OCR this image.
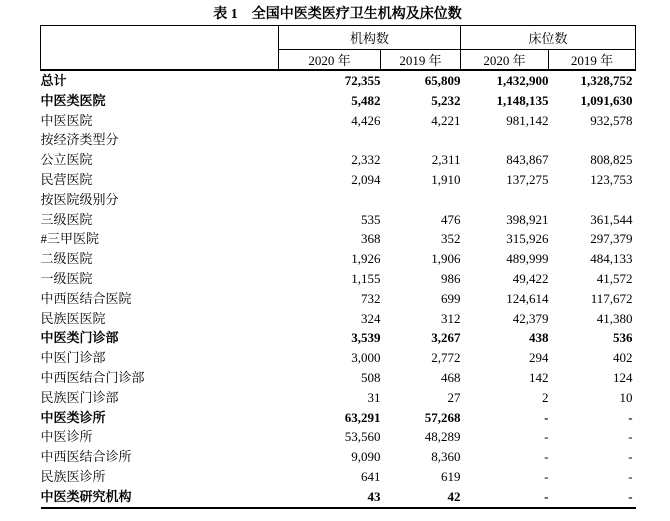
表 1　全国中医类医疗卫生机构及床位数
	机构数		床位数	
	2020 年	2019 年	2020 年	2019 年
总计	72,355	65,809	1,432,900	1,328,752
中医类医院	5,482	5,232	1,148,135	1,091,630
中医医院	4,426	4,221	981,142	932,578
按经济类型分				
公立医院	2,332	2,311	843,867	808,825
民营医院	2,094	1,910	137,275	123,753
按医院级别分				
三级医院	535	476	398,921	361,544
#三甲医院	368	352	315,926	297,379
二级医院	1,926	1,906	489,999	484,133
一级医院	1,155	986	49,422	41,572
中西医结合医院	732	699	124,614	117,672
民族医医院	324	312	42,379	41,380
中医类门诊部	3,539	3,267	438	536
中医门诊部	3,000	2,772	294	402
中西医结合门诊部	508	468	142	124
民族医门诊部	31	27	2	10
中医类诊所	63,291	57,268	-	-
中医诊所	53,560	48,289	-	-
中西医结合诊所	9,090	8,360	-	-
民族医诊所	641	619	-	-
中医类研究机构	43	42	-	-
